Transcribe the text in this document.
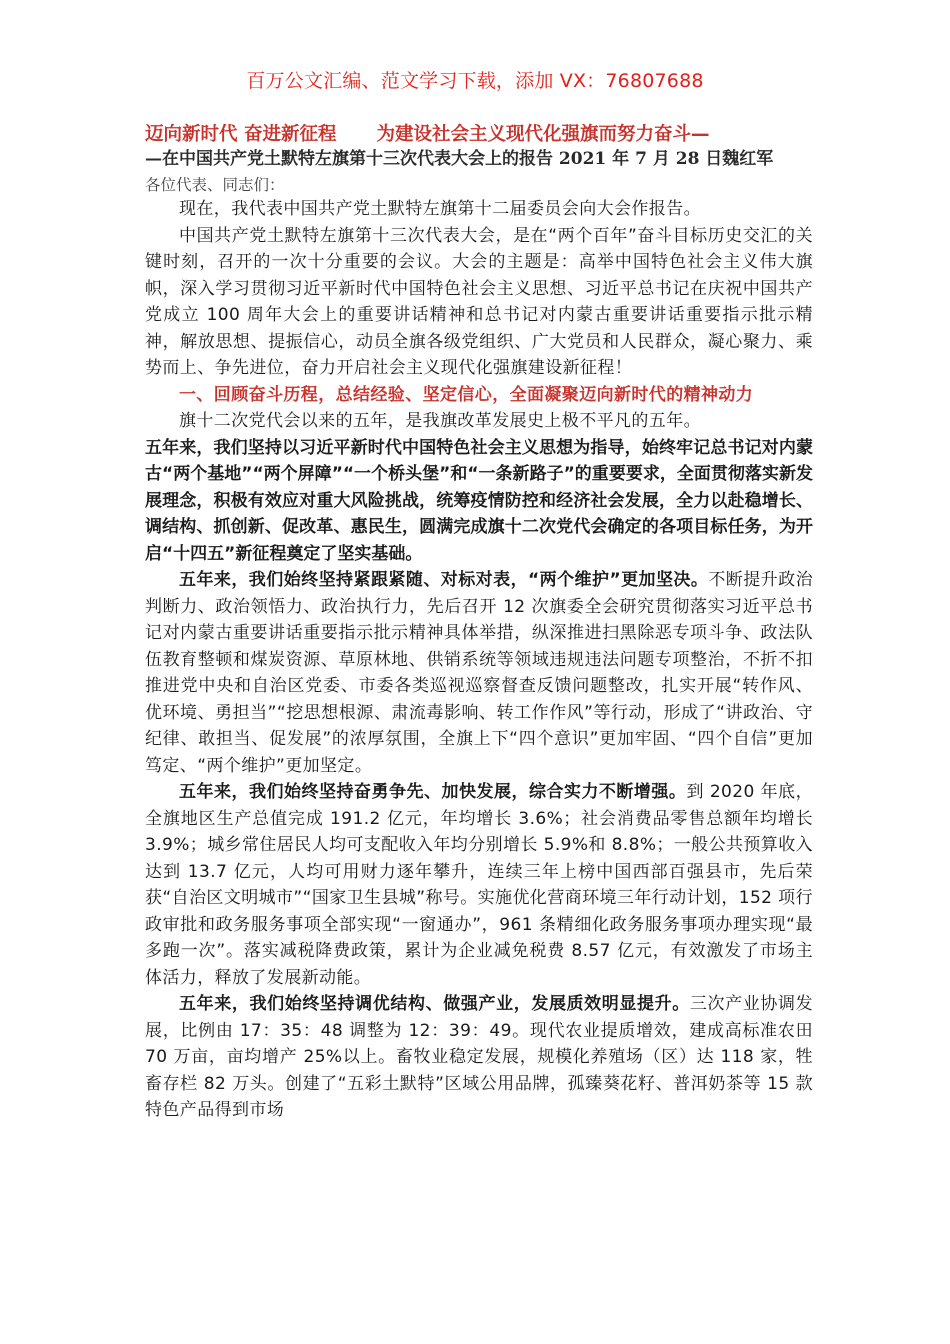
百万公文汇编、范文学习下载，添加 VX：76807688

迈向新时代 奋进新征程 为建设社会主义现代化强旗而努力奋斗—

—在中国共产党土默特左旗第十三次代表大会上的报告 2021 年 7 月 28 日魏红军

各位代表、同志们：

现在，我代表中国共产党土默特左旗第十二届委员会向大会作报告。

中国共产党土默特左旗第十三次代表大会，是在“两个百年”奋斗目标历史交汇的关键时刻，召开的一次十分重要的会议。大会的主题是：高举中国特色社会主义伟大旗帜，深入学习贯彻习近平新时代中国特色社会主义思想、习近平总书记在庆祝中国共产党成立 100 周年大会上的重要讲话精神和总书记对内蒙古重要讲话重要指示批示精神，解放思想、提振信心，动员全旗各级党组织、广大党员和人民群众，凝心聚力、乘势而上、争先进位，奋力开启社会主义现代化强旗建设新征程！

一、回顾奋斗历程，总结经验、坚定信心，全面凝聚迈向新时代的精神动力

旗十二次党代会以来的五年，是我旗改革发展史上极不平凡的五年。

五年来，我们坚持以习近平新时代中国特色社会主义思想为指导，始终牢记总书记对内蒙古“两个基地”“两个屏障”“一个桥头堡”和“一条新路子”的重要要求，全面贯彻落实新发展理念，积极有效应对重大风险挑战，统筹疫情防控和经济社会发展，全力以赴稳增长、调结构、抓创新、促改革、惠民生，圆满完成旗十二次党代会确定的各项目标任务，为开启“十四五”新征程奠定了坚实基础。

五年来，我们始终坚持紧跟紧随、对标对表，“两个维护”更加坚决。不断提升政治判断力、政治领悟力、政治执行力，先后召开 12 次旗委全会研究贯彻落实习近平总书记对内蒙古重要讲话重要指示批示精神具体举措，纵深推进扫黑除恶专项斗争、政法队伍教育整顿和煤炭资源、草原林地、供销系统等领域违规违法问题专项整治，不折不扣推进党中央和自治区党委、市委各类巡视巡察督查反馈问题整改，扎实开展“转作风、优环境、勇担当”“挖思想根源、肃流毒影响、转工作作风”等行动，形成了“讲政治、守纪律、敢担当、促发展”的浓厚氛围，全旗上下“四个意识”更加牢固、“四个自信”更加笃定、“两个维护”更加坚定。

五年来，我们始终坚持奋勇争先、加快发展，综合实力不断增强。到 2020 年底，全旗地区生产总值完成 191.2 亿元，年均增长 3.6%；社会消费品零售总额年均增长 3.9%；城乡常住居民人均可支配收入年均分别增长 5.9%和 8.8%；一般公共预算收入达到 13.7 亿元，人均可用财力逐年攀升，连续三年上榜中国西部百强县市，先后荣获“自治区文明城市”“国家卫生县城”称号。实施优化营商环境三年行动计划，152 项行政审批和政务服务事项全部实现“一窗通办”，961 条精细化政务服务事项办理实现“最多跑一次”。落实减税降费政策，累计为企业减免税费 8.57 亿元，有效激发了市场主体活力，释放了发展新动能。

五年来，我们始终坚持调优结构、做强产业，发展质效明显提升。三次产业协调发展，比例由 17：35：48 调整为 12：39：49。现代农业提质增效，建成高标准农田 70 万亩，亩均增产 25%以上。畜牧业稳定发展，规模化养殖场（区）达 118 家，牲畜存栏 82 万头。创建了“五彩土默特”区域公用品牌，孤臻葵花籽、普洱奶茶等 15 款特色产品得到市场
